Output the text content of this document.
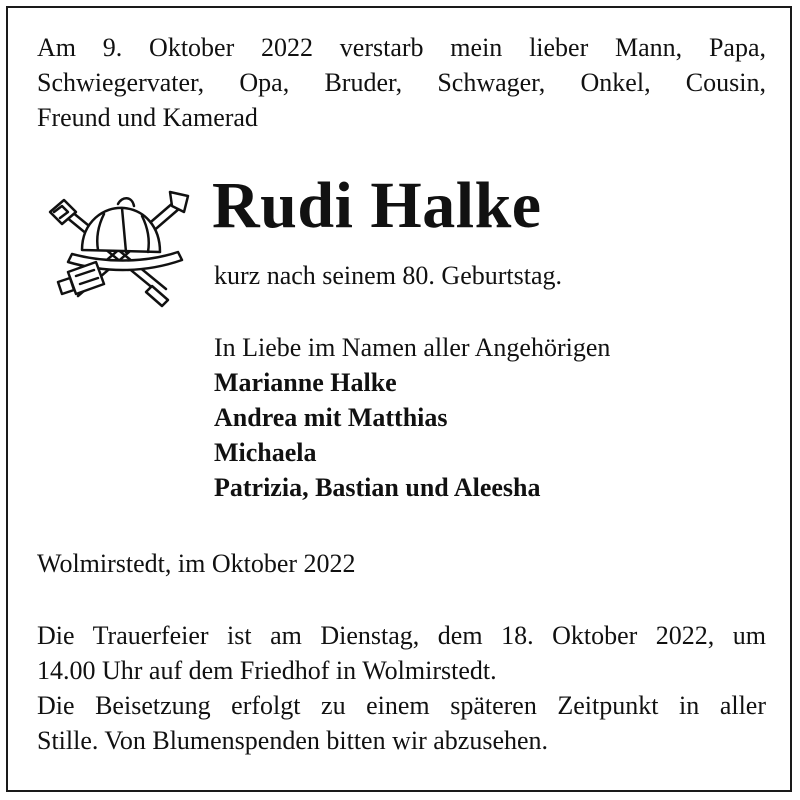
Am 9. Oktober 2022 verstarb mein lieber Mann, Papa,
Schwiegervater, Opa, Bruder, Schwager, Onkel, Cousin,
Freund und Kamerad
Rudi Halke
kurz nach seinem 80. Geburtstag.
In Liebe im Namen aller Angehörigen
Marianne Halke
Andrea mit Matthias
Michaela
Patrizia, Bastian und Aleesha
Wolmirstedt, im Oktober 2022
Die Trauerfeier ist am Dienstag, dem 18. Oktober 2022, um
14.00 Uhr auf dem Friedhof in Wolmirstedt.
Die Beisetzung erfolgt zu einem späteren Zeitpunkt in aller
Stille. Von Blumenspenden bitten wir abzusehen.
